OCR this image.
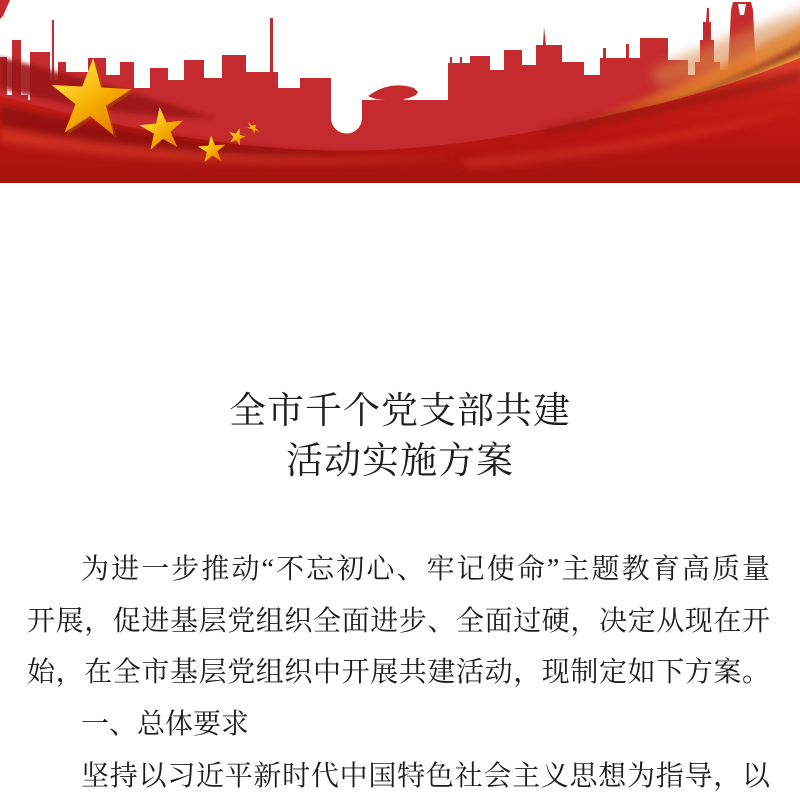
全市千个党支部共建
活动实施方案

为进一步推动“不忘初心、牢记使命”主题教育高质量

开展，促进基层党组织全面进步、全面过硬，决定从现在开

始，在全市基层党组织中开展共建活动，现制定如下方案。

一、总体要求

坚持以习近平新时代中国特色社会主义思想为指导，以
